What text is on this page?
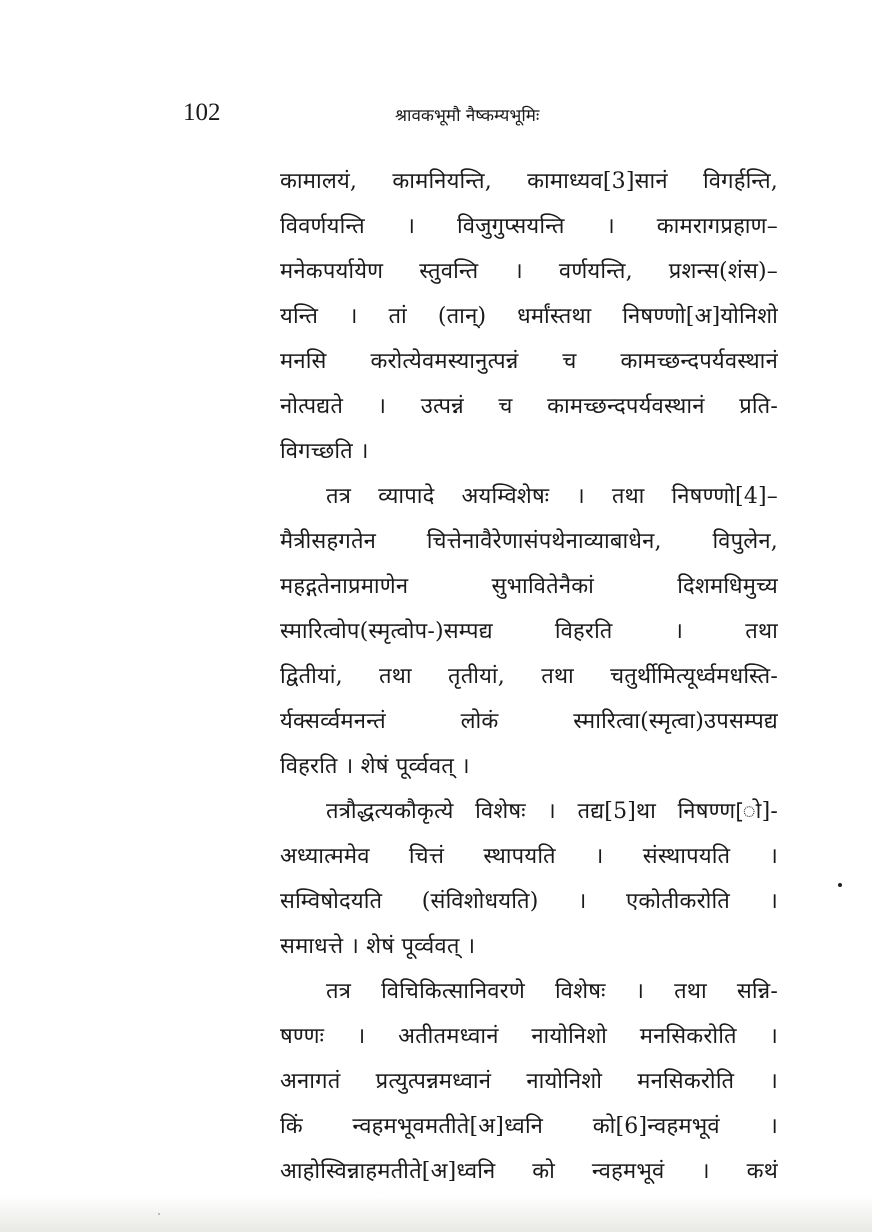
102	श्रावकभूमौ नैष्कम्यभूमिः
कामालयं, कामनियन्ति, कामाध्यव[3]सानं विगर्हन्ति,
विवर्णयन्ति । विजुगुप्सयन्ति । कामरागप्रहाण–
मनेकपर्यायेण स्तुवन्ति । वर्णयन्ति, प्रशन्स(शंस)–
यन्ति । तां (तान्) धर्मांस्तथा निषण्णो[अ]योनिशो
मनसि करोत्येवमस्यानुत्पन्नं च कामच्छन्दपर्यवस्थानं
नोत्पद्यते । उत्पन्नं च कामच्छन्दपर्यवस्थानं प्रति-
विगच्छति ।
तत्र व्यापादे अयम्विशेषः । तथा निषण्णो[4]–
मैत्रीसहगतेन चित्तेनावैरेणासंपथेनाव्याबाधेन, विपुलेन,
महद्गतेनाप्रमाणेन सुभावितेनैकां दिशमधिमुच्य
स्मारित्वोप(स्मृत्वोप-)सम्पद्य विहरति । तथा
द्वितीयां, तथा तृतीयां, तथा चतुर्थीमित्यूर्ध्वमधस्ति-
र्यक्सर्व्वमनन्तं लोकं स्मारित्वा(स्मृत्वा)उपसम्पद्य
विहरति । शेषं पूर्व्ववत् ।
तत्रौद्धत्यकौकृत्ये विशेषः । तद्य[5]था निषण्ण[ो]-
अध्यात्ममेव चित्तं स्थापयति । संस्थापयति ।
सम्विषोदयति (संविशोधयति) । एकोतीकरोति ।
समाधत्ते । शेषं पूर्व्ववत् ।
तत्र विचिकित्सानिवरणे विशेषः । तथा सन्नि-
षण्णः । अतीतमध्वानं नायोनिशो मनसिकरोति ।
अनागतं प्रत्युत्पन्नमध्वानं नायोनिशो मनसिकरोति ।
किं न्वहमभूवमतीते[अ]ध्वनि को[6]न्वहमभूवं ।
आहोस्विन्नाहमतीते[अ]ध्वनि को न्वहमभूवं । कथं
